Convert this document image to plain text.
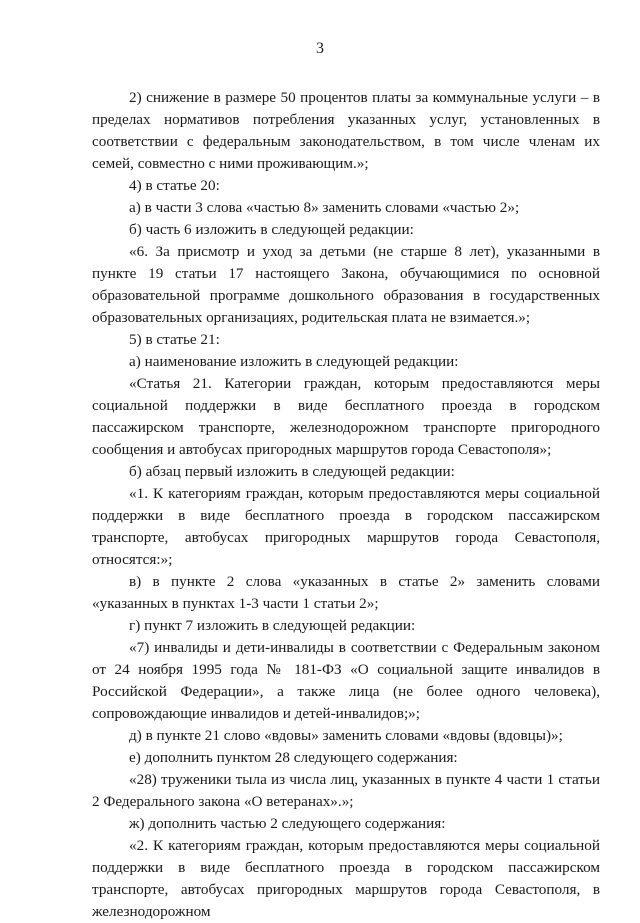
3

2) снижение в размере 50 процентов платы за коммунальные услуги – в пределах нормативов потребления указанных услуг, установленных в соответствии с федеральным законодательством, в том числе членам их семей, совместно с ними проживающим.»;

4) в статье 20:

а) в части 3 слова «частью 8» заменить словами «частью 2»;

б) часть 6 изложить в следующей редакции:

«6. За присмотр и уход за детьми (не старше 8 лет), указанными в пункте 19 статьи 17 настоящего Закона, обучающимися по основной образовательной программе дошкольного образования в государственных образовательных организациях, родительская плата не взимается.»;

5) в статье 21:

а) наименование изложить в следующей редакции:

«Статья 21. Категории граждан, которым предоставляются меры социальной поддержки в виде бесплатного проезда в городском пассажирском транспорте, железнодорожном транспорте пригородного сообщения и автобусах пригородных маршрутов города Севастополя»;

б) абзац первый изложить в следующей редакции:

«1. К категориям граждан, которым предоставляются меры социальной поддержки в виде бесплатного проезда в городском пассажирском транспорте, автобусах пригородных маршрутов города Севастополя, относятся:»;

в) в пункте 2 слова «указанных в статье 2» заменить словами «указанных в пунктах 1-3 части 1 статьи 2»;

г) пункт 7 изложить в следующей редакции:

«7) инвалиды и дети-инвалиды в соответствии с Федеральным законом от 24 ноября 1995 года № 181-ФЗ «О социальной защите инвалидов в Российской Федерации», а также лица (не более одного человека), сопровождающие инвалидов и детей-инвалидов;»;

д) в пункте 21 слово «вдовы» заменить словами «вдовы (вдовцы)»;

е) дополнить пунктом 28 следующего содержания:

«28) труженики тыла из числа лиц, указанных в пункте 4 части 1 статьи 2 Федерального закона «О ветеранах».»;

ж) дополнить частью 2 следующего содержания:

«2. К категориям граждан, которым предоставляются меры социальной поддержки в виде бесплатного проезда в городском пассажирском транспорте, автобусах пригородных маршрутов города Севастополя, в железнодорожном
